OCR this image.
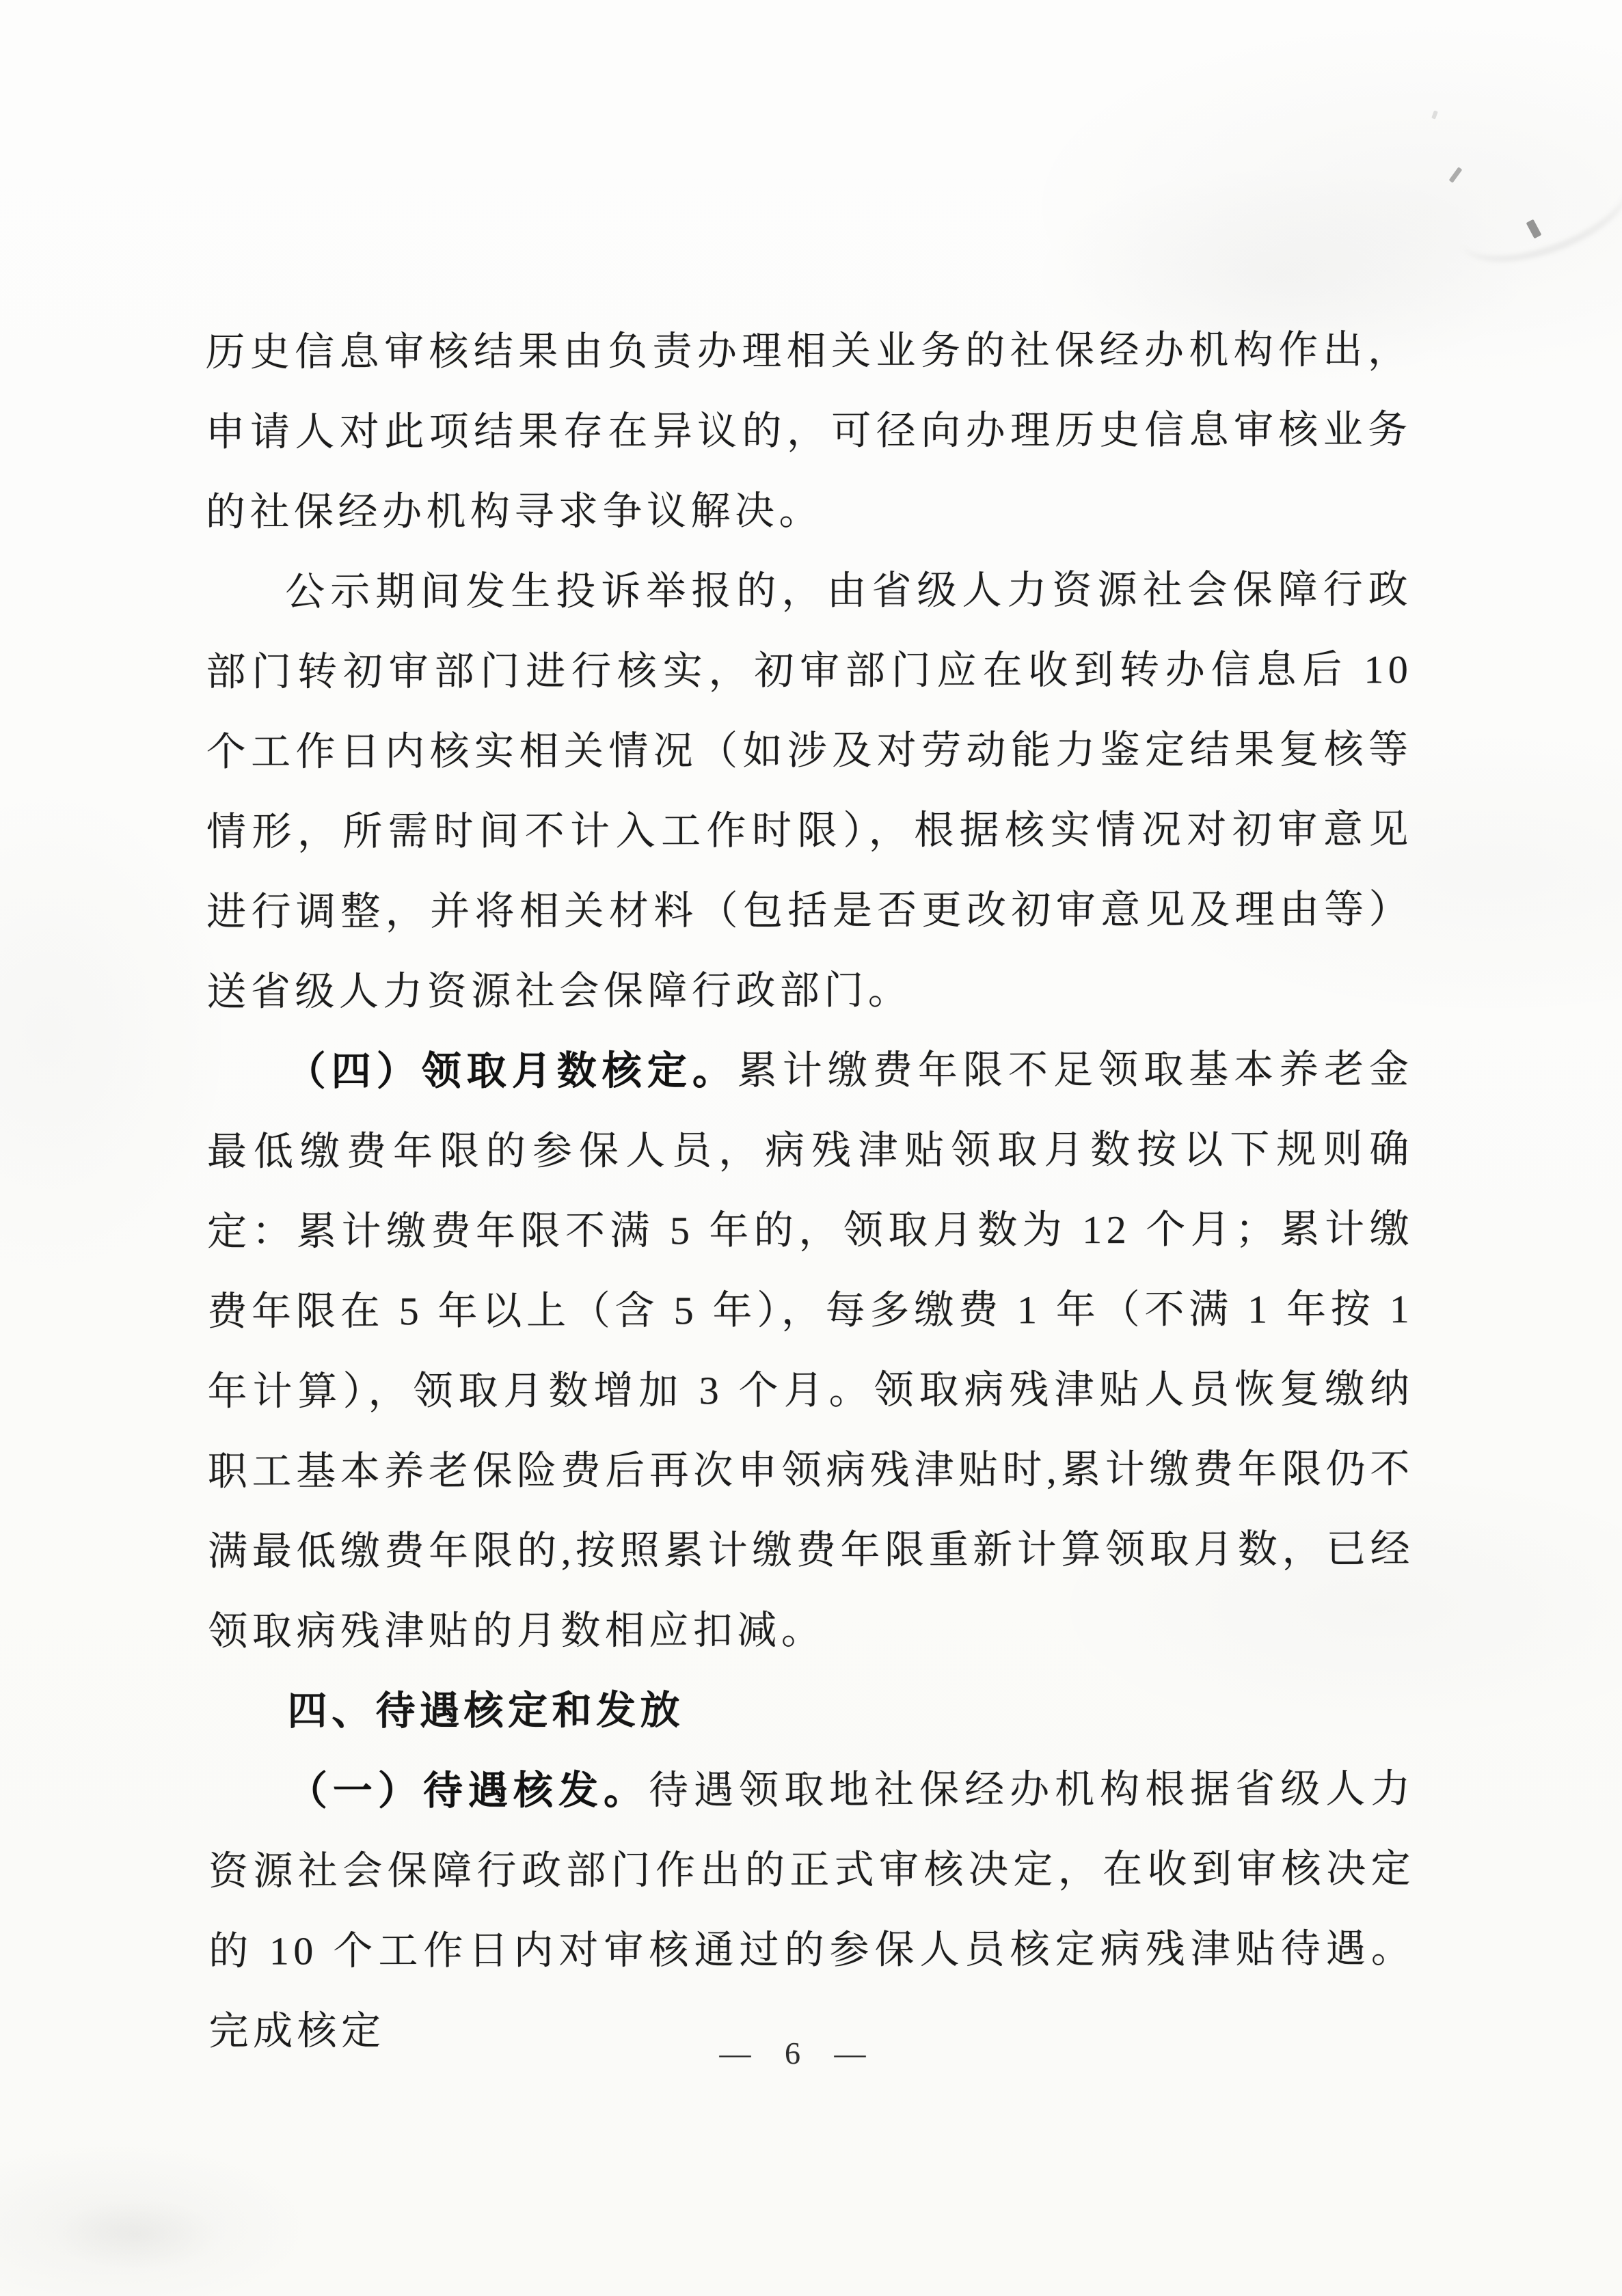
历史信息审核结果由负责办理相关业务的社保经办机构作出，申请人对此项结果存在异议的，可径向办理历史信息审核业务的社保经办机构寻求争议解决。

公示期间发生投诉举报的，由省级人力资源社会保障行政部门转初审部门进行核实，初审部门应在收到转办信息后 10 个工作日内核实相关情况（如涉及对劳动能力鉴定结果复核等情形，所需时间不计入工作时限），根据核实情况对初审意见进行调整，并将相关材料（包括是否更改初审意见及理由等）送省级人力资源社会保障行政部门。

（四）领取月数核定。累计缴费年限不足领取基本养老金最低缴费年限的参保人员，病残津贴领取月数按以下规则确定：累计缴费年限不满 5 年的，领取月数为 12 个月；累计缴费年限在 5 年以上（含 5 年），每多缴费 1 年（不满 1 年按 1 年计算），领取月数增加 3 个月。领取病残津贴人员恢复缴纳职工基本养老保险费后再次申领病残津贴时,累计缴费年限仍不满最低缴费年限的,按照累计缴费年限重新计算领取月数，已经领取病残津贴的月数相应扣减。

四、待遇核定和发放

（一）待遇核发。待遇领取地社保经办机构根据省级人力资源社会保障行政部门作出的正式审核决定，在收到审核决定的 10 个工作日内对审核通过的参保人员核定病残津贴待遇。完成核定	— 6 —
